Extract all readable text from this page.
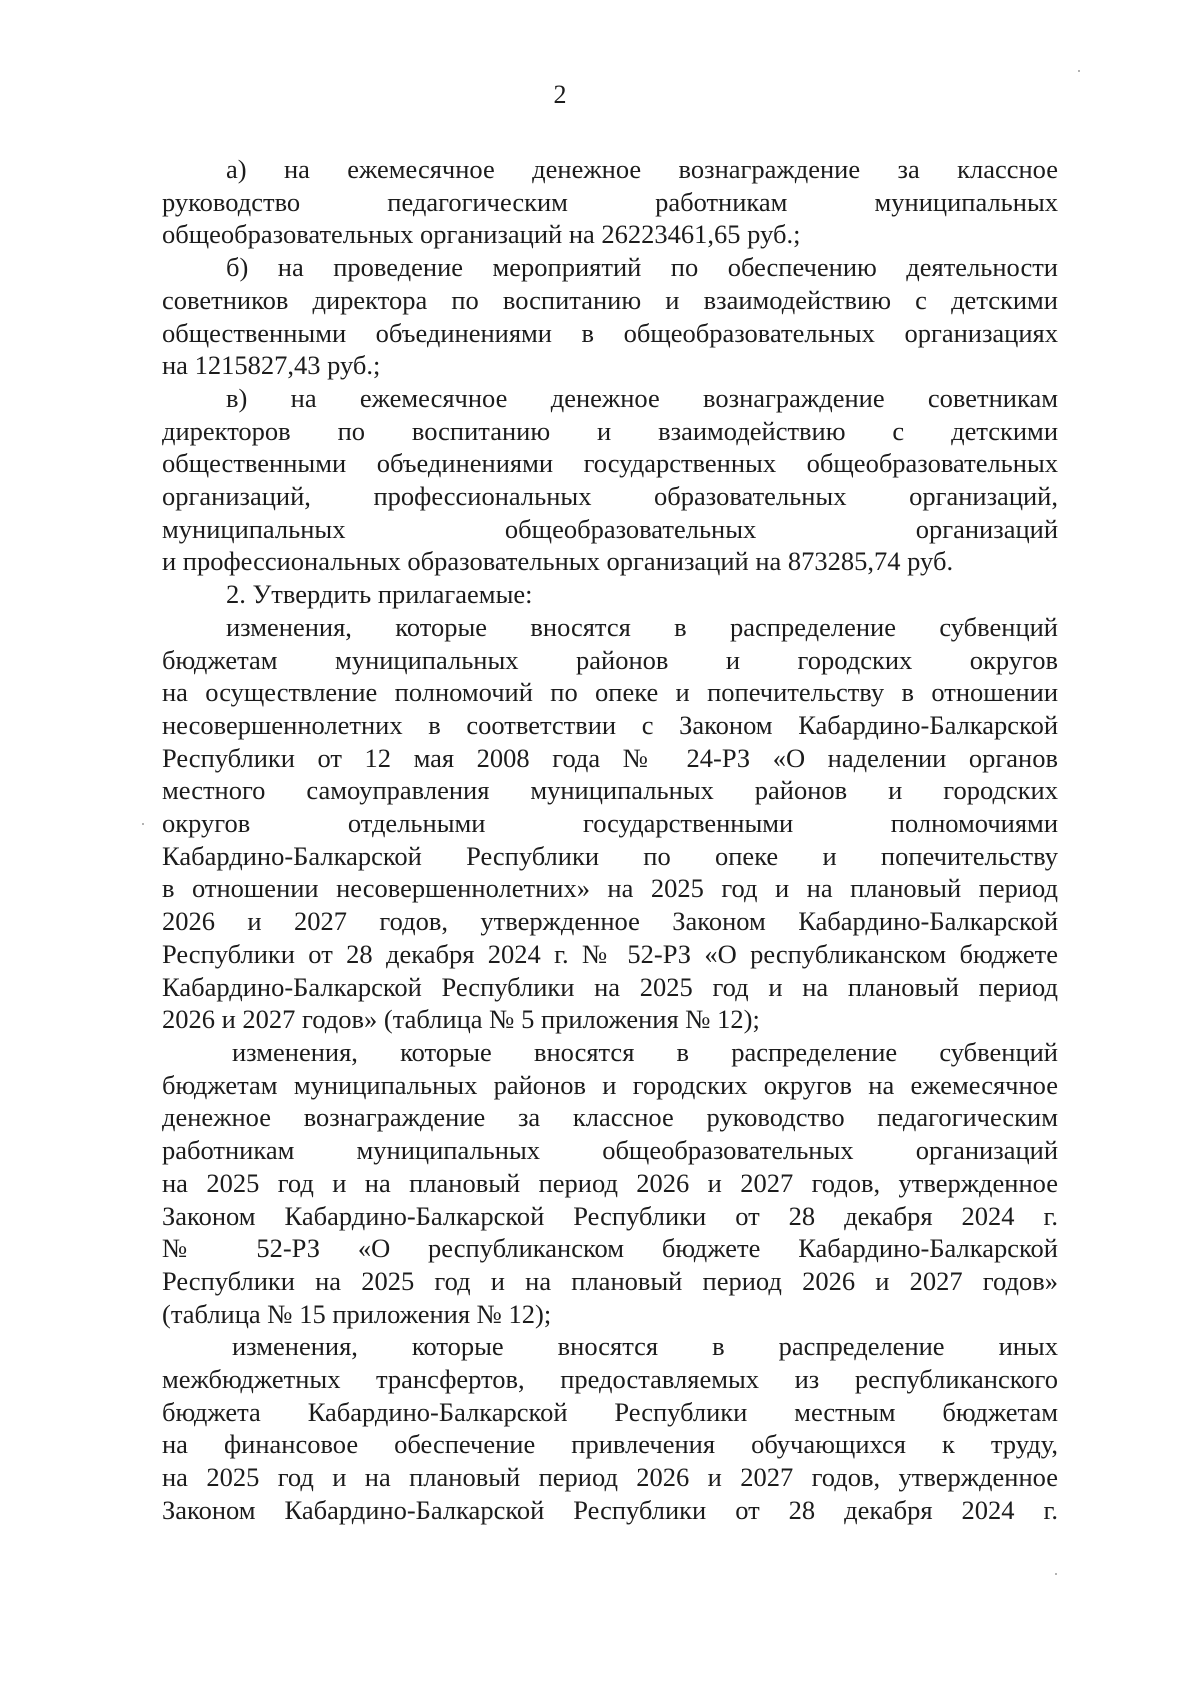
2

а) на ежемесячное денежное вознаграждение за классное
руководство педагогическим работникам муниципальных
общеобразовательных организаций на 26223461,65 руб.;

б) на проведение мероприятий по обеспечению деятельности
советников директора по воспитанию и взаимодействию с детскими
общественными объединениями в общеобразовательных организациях
на 1215827,43 руб.;

в) на ежемесячное денежное вознаграждение советникам
директоров по воспитанию и взаимодействию с детскими
общественными объединениями государственных общеобразовательных
организаций, профессиональных образовательных организаций,
муниципальных общеобразовательных организаций
и профессиональных образовательных организаций на 873285,74 руб.

2. Утвердить прилагаемые:

изменения, которые вносятся в распределение субвенций
бюджетам муниципальных районов и городских округов
на осуществление полномочий по опеке и попечительству в отношении
несовершеннолетних в соответствии с Законом Кабардино-Балкарской
Республики от 12 мая 2008 года № 24-РЗ «О наделении органов
местного самоуправления муниципальных районов и городских
округов отдельными государственными полномочиями
Кабардино-Балкарской Республики по опеке и попечительству
в отношении несовершеннолетних» на 2025 год и на плановый период
2026 и 2027 годов, утвержденное Законом Кабардино-Балкарской
Республики от 28 декабря 2024 г. № 52-РЗ «О республиканском бюджете
Кабардино-Балкарской Республики на 2025 год и на плановый период
2026 и 2027 годов» (таблица № 5 приложения № 12);

изменения, которые вносятся в распределение субвенций
бюджетам муниципальных районов и городских округов на ежемесячное
денежное вознаграждение за классное руководство педагогическим
работникам муниципальных общеобразовательных организаций
на 2025 год и на плановый период 2026 и 2027 годов, утвержденное
Законом Кабардино-Балкарской Республики от 28 декабря 2024 г.
№ 52-РЗ «О республиканском бюджете Кабардино-Балкарской
Республики на 2025 год и на плановый период 2026 и 2027 годов»
(таблица № 15 приложения № 12);

изменения, которые вносятся в распределение иных
межбюджетных трансфертов, предоставляемых из республиканского
бюджета Кабардино-Балкарской Республики местным бюджетам
на финансовое обеспечение привлечения обучающихся к труду,
на 2025 год и на плановый период 2026 и 2027 годов, утвержденное
Законом Кабардино-Балкарской Республики от 28 декабря 2024 г.
